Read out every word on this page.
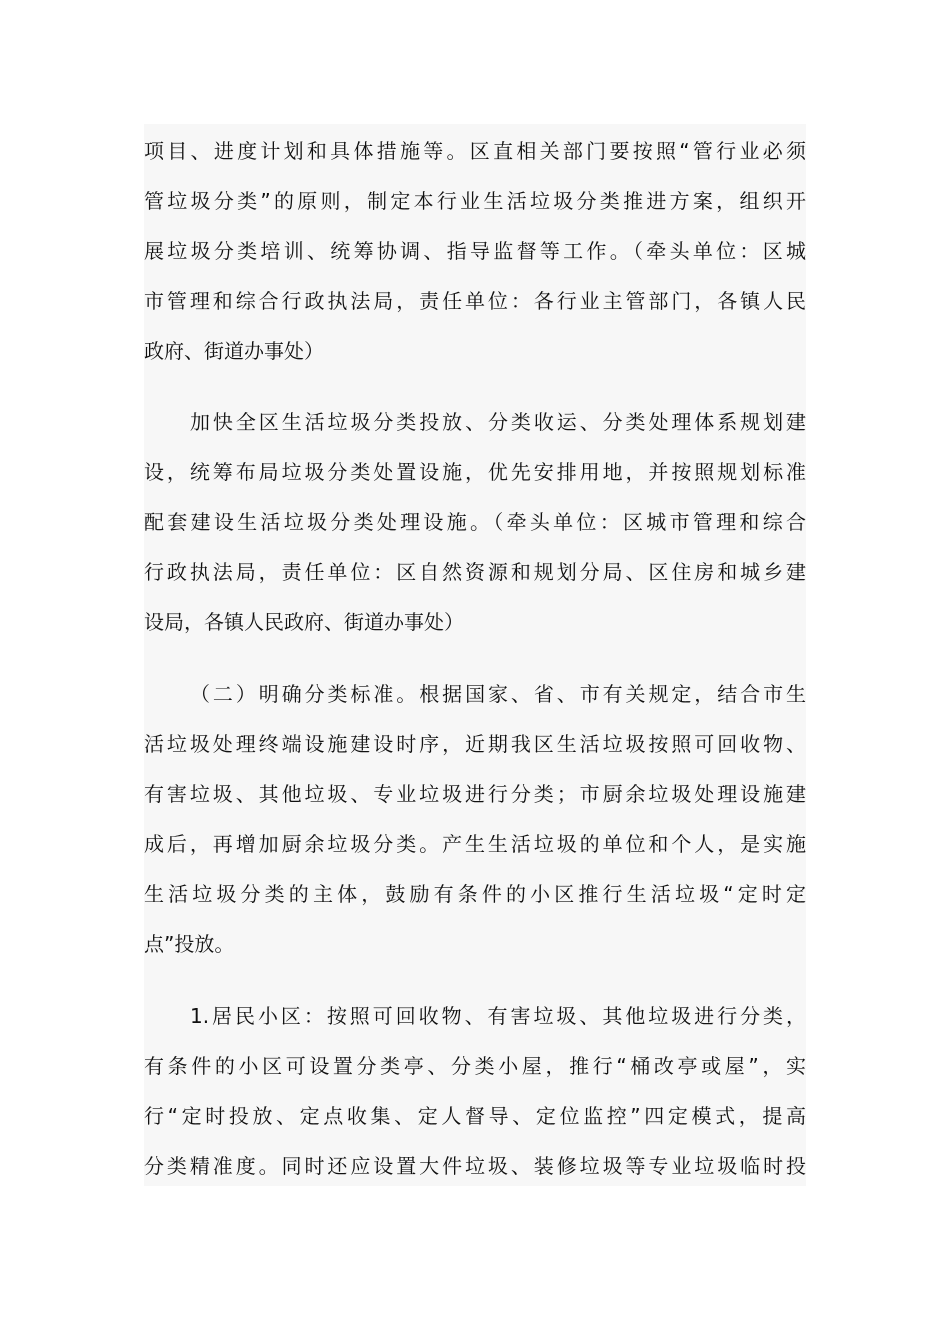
项目、进度计划和具体措施等。区直相关部门要按照“管行业必须
管垃圾分类”的原则，制定本行业生活垃圾分类推进方案，组织开
展垃圾分类培训、统筹协调、指导监督等工作。（牵头单位：区城
市管理和综合行政执法局，责任单位：各行业主管部门，各镇人民
政府、街道办事处）
加快全区生活垃圾分类投放、分类收运、分类处理体系规划建
设，统筹布局垃圾分类处置设施，优先安排用地，并按照规划标准
配套建设生活垃圾分类处理设施。（牵头单位：区城市管理和综合
行政执法局，责任单位：区自然资源和规划分局、区住房和城乡建
设局，各镇人民政府、街道办事处）
（二）明确分类标准。根据国家、省、市有关规定，结合市生
活垃圾处理终端设施建设时序，近期我区生活垃圾按照可回收物、
有害垃圾、其他垃圾、专业垃圾进行分类；市厨余垃圾处理设施建
成后，再增加厨余垃圾分类。产生生活垃圾的单位和个人，是实施
生活垃圾分类的主体，鼓励有条件的小区推行生活垃圾“定时定
点”投放。
1.居民小区：按照可回收物、有害垃圾、其他垃圾进行分类，
有条件的小区可设置分类亭、分类小屋，推行“桶改亭或屋”，实
行“定时投放、定点收集、定人督导、定位监控”四定模式，提高
分类精准度。同时还应设置大件垃圾、装修垃圾等专业垃圾临时投
